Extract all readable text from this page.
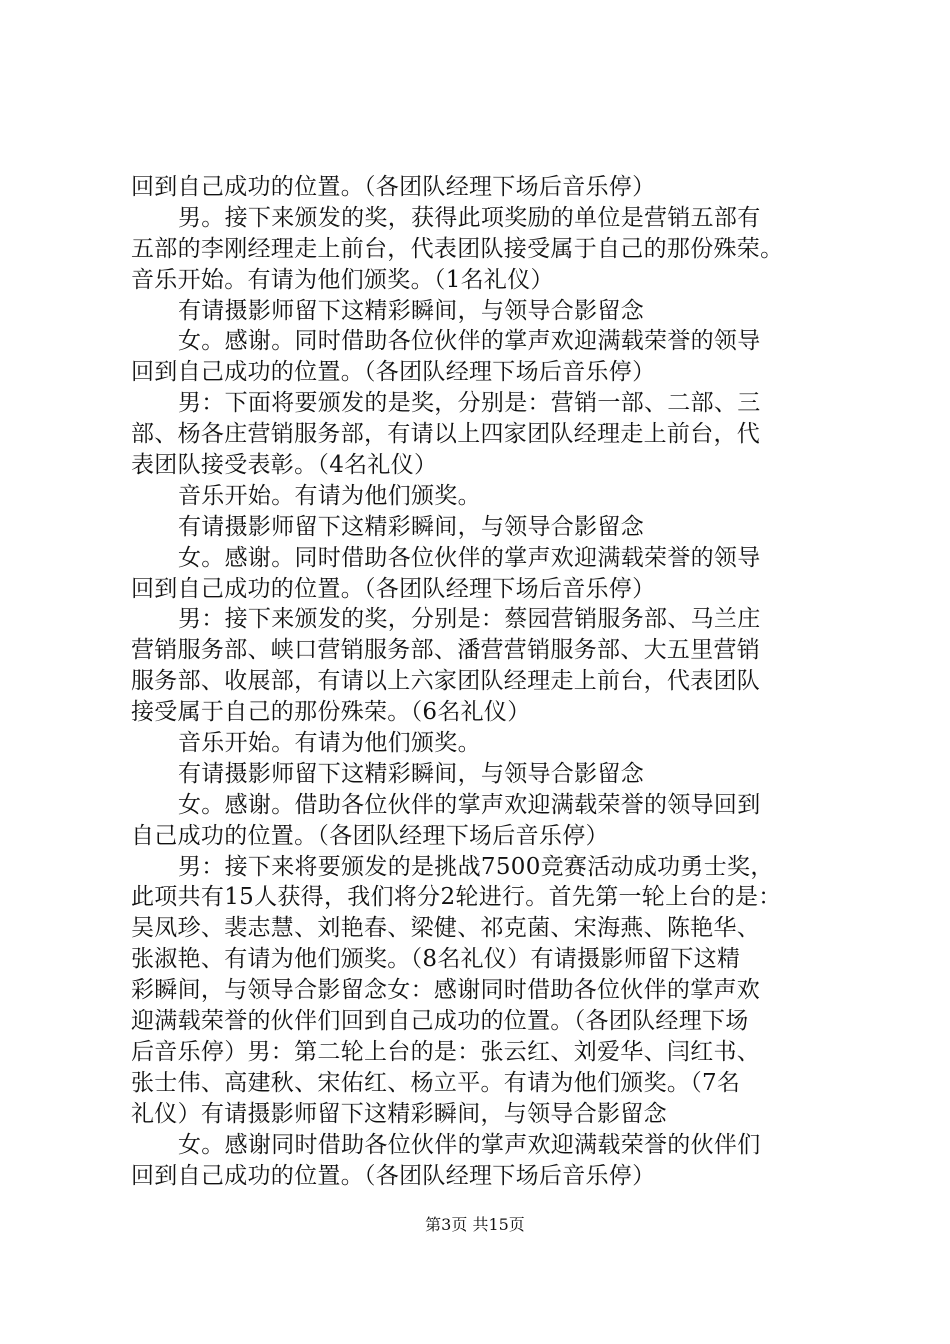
回到自己成功的位置。（各团队经理下场后音乐停）
男。接下来颁发的奖，获得此项奖励的单位是营销五部有
五部的李刚经理走上前台，代表团队接受属于自己的那份殊荣。
音乐开始。有请为他们颁奖。（1名礼仪）
有请摄影师留下这精彩瞬间，与领导合影留念
女。感谢。同时借助各位伙伴的掌声欢迎满载荣誉的领导
回到自己成功的位置。（各团队经理下场后音乐停）
男：下面将要颁发的是奖，分别是：营销一部、二部、三
部、杨各庄营销服务部，有请以上四家团队经理走上前台，代
表团队接受表彰。（4名礼仪）
音乐开始。有请为他们颁奖。
有请摄影师留下这精彩瞬间，与领导合影留念
女。感谢。同时借助各位伙伴的掌声欢迎满载荣誉的领导
回到自己成功的位置。（各团队经理下场后音乐停）
男：接下来颁发的奖，分别是：蔡园营销服务部、马兰庄
营销服务部、峡口营销服务部、潘营营销服务部、大五里营销
服务部、收展部，有请以上六家团队经理走上前台，代表团队
接受属于自己的那份殊荣。（6名礼仪）
音乐开始。有请为他们颁奖。
有请摄影师留下这精彩瞬间，与领导合影留念
女。感谢。借助各位伙伴的掌声欢迎满载荣誉的领导回到
自己成功的位置。（各团队经理下场后音乐停）
男：接下来将要颁发的是挑战7500竞赛活动成功勇士奖，
此项共有15人获得，我们将分2轮进行。首先第一轮上台的是：
吴凤珍、裴志慧、刘艳春、梁健、祁克菌、宋海燕、陈艳华、
张淑艳、有请为他们颁奖。（8名礼仪）有请摄影师留下这精
彩瞬间，与领导合影留念女：感谢同时借助各位伙伴的掌声欢
迎满载荣誉的伙伴们回到自己成功的位置。（各团队经理下场
后音乐停）男：第二轮上台的是：张云红、刘爱华、闫红书、
张士伟、高建秋、宋佑红、杨立平。有请为他们颁奖。（7名
礼仪）有请摄影师留下这精彩瞬间，与领导合影留念
女。感谢同时借助各位伙伴的掌声欢迎满载荣誉的伙伴们
回到自己成功的位置。（各团队经理下场后音乐停）
第3页 共15页
